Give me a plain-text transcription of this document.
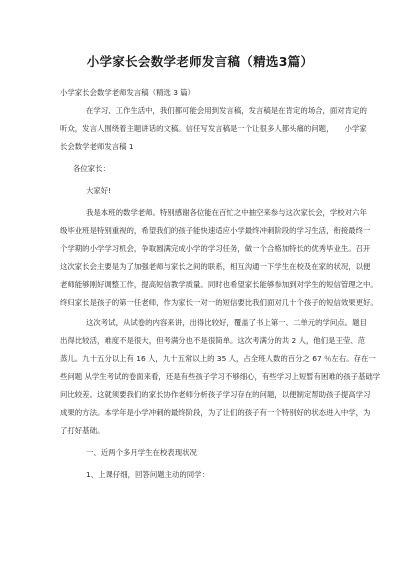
小学家长会数学老师发言稿（精选3篇）
小学家长会数学老师发言稿（精选 3 篇）
在学习、工作生活中，我们都可能会用到发言稿，发言稿是在肯定的场合，面对肯定的
听众，发言人围绕着主题讲话的文稿。信任写发言稿是一个让很多人都头痛的问题，　　小学家
长会数学老师发言稿 1
各位家长：
大家好!
我是本班的数学老师。特别感谢各位能在百忙之中抽空来参与这次家长会，学校对六年
级毕业班是特别重视的，希望我们的孩子能快速适应小学最终冲刺阶段的学习生活，衔接最终一
个学期的小学学习机会，争取圆满完成小学的学习任务，做一个合格加特长的优秀毕业生。召开
这次家长会主要是为了加强老师与家长之间的联系，相互沟通一下学生在校及在家的状况，以便
老师能够刚好调整工作，提高短信教学质量。同时也希望家长能够参加到对学生的短信管理之中。
终归家长是孩子的第一任老师，作为家长一对一的短信要比我们面对几十个孩子的短信效果更好。
这次考试，从试卷的内容来讲，出得比较好，覆盖了书上第一、二单元的学问点。题目
出得比较活，难度不是很大，但考满分也不是很简单。这次考满分的共 2 人，他们是王莹、范
蒸儿。九十五分以上有 16 人，九十五常以上的 35 人，占全班人数的百分之 67 ％左右。存在一
些问题 从学生考试的卷面来看，还是有些孩子学习不够细心，有些学习上短暂有困难的孩子基础学
问比较差。这就须要我们的家长协作老师分析孩子学习存在的问题，以便制定帮助孩子提高学习
成果的方法。本学年是小学冲刺的最终阶段，为了让们的孩子有一个特别好的状态进入中学，为
了打好基础。
一、近两个多月学生在校表现状况
1、上课仔细，回答问题主动的同学：
